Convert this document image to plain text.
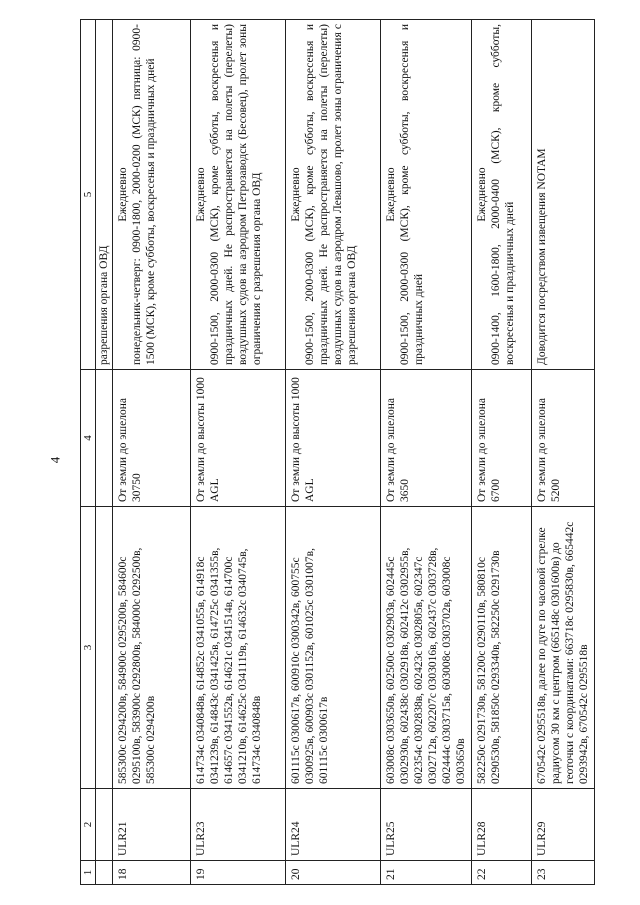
4
1	2	3	4	5
				разрешения органа ОВД
18	ULR21	585300с 0294200в, 584900с 0295200в, 584600с 0295100в, 583900с 0292800в, 584000с 0292500в, 585300с 0294200в	От земли до эшелона 30750	Ежедневно понедельник-четверг: 0900-1800, 2000-0200 (МСК) пятница: 0900-1500 (МСК), кроме субботы, воскресенья и праздничных дней
19	ULR23	614734с 0340848в, 614852с 0341055в, 614918с 0341239в, 614843с 0341425в, 614725с 0341355в, 614657с 0341552в, 614621с 0341514в, 614700с 0341210в, 614625с 0341119в, 614632с 0340745в, 614734с 0340848в	От земли до высоты 1000 AGL	Ежедневно 0900-1500, 2000-0300 (МСК), кроме субботы, воскресенья и праздничных дней. Не распространяется на полеты (перелеты) воздушных судов на аэродром Петрозаводск (Бесовец), пролет зоны ограничения с разрешения органа ОВД
20	ULR24	601115с 0300617в, 600910с 0300342в, 600755с 0300925в, 600903с 0301152в, 601025с 0301007в, 601115с 0300617в	От земли до высоты 1000 AGL	Ежедневно 0900-1500, 2000-0300 (МСК), кроме субботы, воскресенья и праздничных дней. Не распространяется на полеты (перелеты) воздушных судов на аэродром Левашово, пролет зоны ограничения с разрешения органа ОВД
21	ULR25	603008с 0303650в, 602500с 0302903в, 602445с 0302930в, 602438с 0302918в, 602412с 0302955в, 602354с 0302838в, 602423с 0302805в, 602347с 0302712в, 602207с 0303016в, 602437с 0303728в, 602444с 0303715в, 603008с 0303702в, 603008с 0303650в	От земли до эшелона 3650	Ежедневно 0900-1500, 2000-0300 (МСК), кроме субботы, воскресенья и праздничных дней
22	ULR28	582250с 0291730в, 581200с 0290110в, 580810с 0290530в, 581850с 0293340в, 582250с 0291730в	От земли до эшелона 6700	Ежедневно 0900-1400, 1600-1800, 2000-0400 (МСК), кроме субботы, воскресенья и праздничных дней
23	ULR29	670542с 0295518в, далее по дуге по часовой стрелке радиусом 30 км с центром (665148с 0301600в) до геоточки с координатами: 663718с 0295830в, 665442с 0293942в, 670542с 0295518в	От земли до эшелона 5200	Доводится посредством извещения NOTAM
